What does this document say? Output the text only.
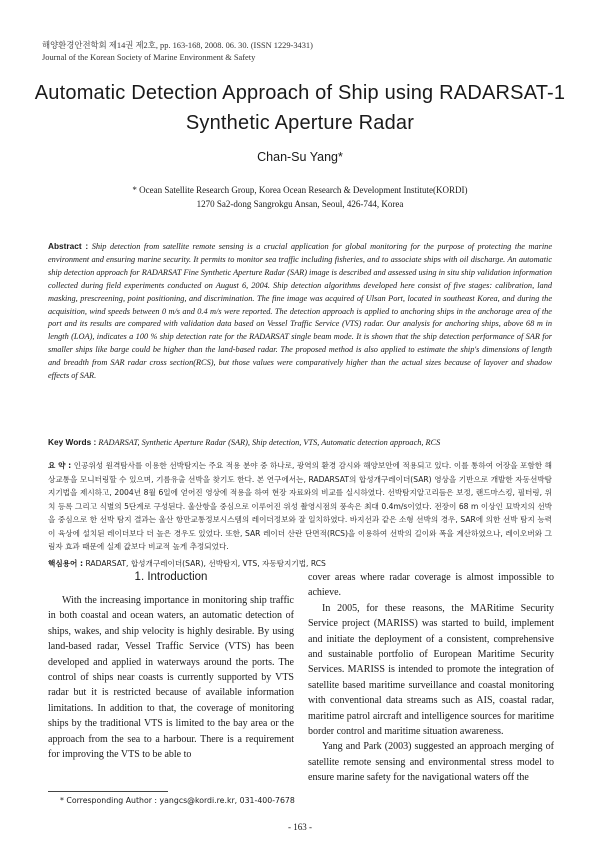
해양환경안전학회 제14권 제2호, pp. 163-168, 2008. 06. 30. (ISSN 1229-3431)
Journal of the Korean Society of Marine Environment & Safety
Automatic Detection Approach of Ship using RADARSAT-1
Synthetic Aperture Radar
Chan-Su Yang*
* Ocean Satellite Research Group, Korea Ocean Research & Development Institute(KORDI)
1270 Sa2-dong Sangrokgu Ansan, Seoul, 426-744, Korea
Abstract : Ship detection from satellite remote sensing is a crucial application for global monitoring for the purpose of protecting the marine environment and ensuring marine security. It permits to monitor sea traffic including fisheries, and to associate ships with oil discharge. An automatic ship detection approach for RADARSAT Fine Synthetic Aperture Radar (SAR) image is described and assessed using in situ ship validation information collected during field experiments conducted on August 6, 2004. Ship detection algorithms developed here consist of five stages: calibration, land masking, prescreening, point positioning, and discrimination. The fine image was acquired of Ulsan Port, located in southeast Korea, and during the acquisition, wind speeds between 0 m/s and 0.4 m/s were reported. The detection approach is applied to anchoring ships in the anchorage area of the port and its results are compared with validation data based on Vessel Traffic Service (VTS) radar. Our analysis for anchoring ships, above 68 m in length (LOA), indicates a 100 % ship detection rate for the RADARSAT single beam mode. It is shown that the ship detection performance of SAR for smaller ships like barge could be higher than the land-based radar. The proposed method is also applied to estimate the ship's dimensions of length and breadth from SAR radar cross section(RCS), but those values were comparatively higher than the actual sizes because of layover and shadow effects of SAR.
Key Words : RADARSAT, Synthetic Aperture Radar (SAR), Ship detection, VTS, Automatic detection approach, RCS
요 약 : 인공위성 원격탐사를 이용한 선박탐지는 주요 적용 분야 중 하나로, 광역의 환경 감시와 해양보안에 적용되고 있다. 이를 통하여 어장을 포함한 해상교통을 모니터링할 수 있으며, 기름유출 선박을 찾기도 한다. 본 연구에서는, RADARSAT의 합성개구레이더(SAR) 영상을 기반으로 개발한 자동선박탐지기법을 제시하고, 2004년 8월 6일에 얻어진 영상에 적용을 하여 현장 자료와의 비교를 실시하였다. 선박탐지알고리듬은 보정, 랜드마스킹, 필터링, 위치 등록 그리고 식별의 5단계로 구성된다. 울산항을 중심으로 이루어진 위성 촬영시점의 풍속은 최대 0.4m/s이었다. 전장이 68 m 이상인 묘박지의 선박을 중심으로 한 선박 탐지 결과는 울산 항만교통정보시스템의 레이더정보와 잘 일치하였다. 바지선과 같은 소형 선박의 경우, SAR에 의한 선박 탐지 능력이 육상에 설치된 레이더보다 더 높은 경우도 있었다. 또한, SAR 레이더 산란 단면적(RCS)을 이용하여 선박의 길이와 폭을 계산하였으나, 레이오버와 그림자 효과 때문에 실제 값보다 비교적 높게 추정되었다.
핵심용어 : RADARSAT, 합성개구레이더(SAR), 선박탐지, VTS, 자동탐지기법, RCS
1. Introduction

With the increasing importance in monitoring ship traffic in both coastal and ocean waters, an automatic detection of ships, wakes, and ship velocity is highly desirable. By using land-based radar, Vessel Traffic Service (VTS) has been developed and applied in waterways around the ports. The control of ships near coasts is currently supported by VTS radar but it is restricted because of available information limitations. In addition to that, the coverage of monitoring ships by the traditional VTS is limited to the bay area or the approach from the sea to a harbour. There is a requirement for improving the VTS to be able to

cover areas where radar coverage is almost impossible to achieve.

In 2005, for these reasons, the MARitime Security Service project (MARISS) was started to build, implement and initiate the deployment of a consistent, comprehensive and sustainable portfolio of European Maritime Security Services. MARISS is intended to promote the integration of satellite based maritime surveillance and coastal monitoring with conventional data streams such as AIS, coastal radar, maritime patrol aircraft and intelligence sources for maritime border control and maritime situation awareness.

Yang and Park (2003) suggested an approach merging of satellite remote sensing and environmental stress model to ensure marine safety for the navigational waters off the

* Corresponding Author : yangcs@kordi.re.kr, 031-400-7678
- 163 -
